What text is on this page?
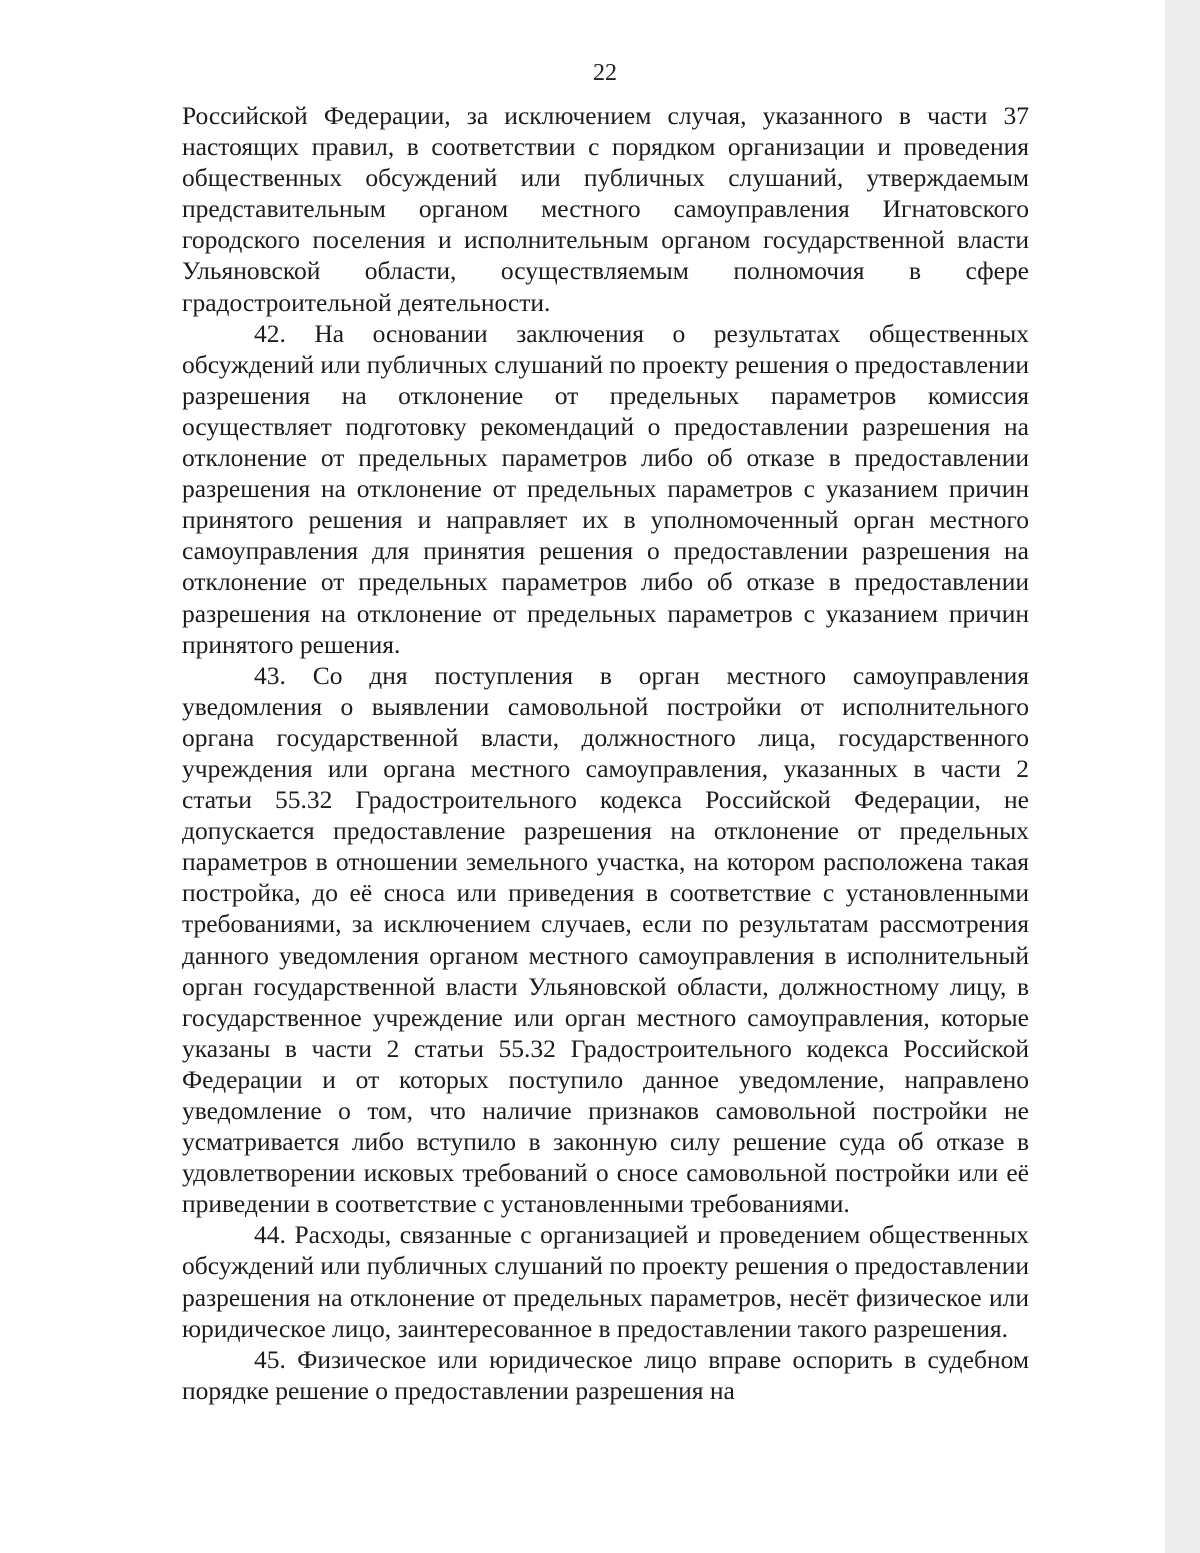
22

Российской Федерации, за исключением случая, указанного в части 37 настоящих правил, в соответствии с порядком организации и проведения общественных обсуждений или публичных слушаний, утверждаемым представительным органом местного самоуправления Игнатовского городского поселения и исполнительным органом государственной власти Ульяновской области, осуществляемым полномочия в сфере градостроительной деятельности.

42. На основании заключения о результатах общественных обсуждений или публичных слушаний по проекту решения о предоставлении разрешения на отклонение от предельных параметров комиссия осуществляет подготовку рекомендаций о предоставлении разрешения на отклонение от предельных параметров либо об отказе в предоставлении разрешения на отклонение от предельных параметров с указанием причин принятого решения и направляет их в уполномоченный орган местного самоуправления для принятия решения о предоставлении разрешения на отклонение от предельных параметров либо об отказе в предоставлении разрешения на отклонение от предельных параметров с указанием причин принятого решения.

43. Со дня поступления в орган местного самоуправления уведомления о выявлении самовольной постройки от исполнительного органа государственной власти, должностного лица, государственного учреждения или органа местного самоуправления, указанных в части 2 статьи 55.32 Градостроительного кодекса Российской Федерации, не допускается предоставление разрешения на отклонение от предельных параметров в отношении земельного участка, на котором расположена такая постройка, до её сноса или приведения в соответствие с установленными требованиями, за исключением случаев, если по результатам рассмотрения данного уведомления органом местного самоуправления в исполнительный орган государственной власти Ульяновской области, должностному лицу, в государственное учреждение или орган местного самоуправления, которые указаны в части 2 статьи 55.32 Градостроительного кодекса Российской Федерации и от которых поступило данное уведомление, направлено уведомление о том, что наличие признаков самовольной постройки не усматривается либо вступило в законную силу решение суда об отказе в удовлетворении исковых требований о сносе самовольной постройки или её приведении в соответствие с установленными требованиями.

44. Расходы, связанные с организацией и проведением общественных обсуждений или публичных слушаний по проекту решения о предоставлении разрешения на отклонение от предельных параметров, несёт физическое или юридическое лицо, заинтересованное в предоставлении такого разрешения.

45. Физическое или юридическое лицо вправе оспорить в судебном порядке решение о предоставлении разрешения на
